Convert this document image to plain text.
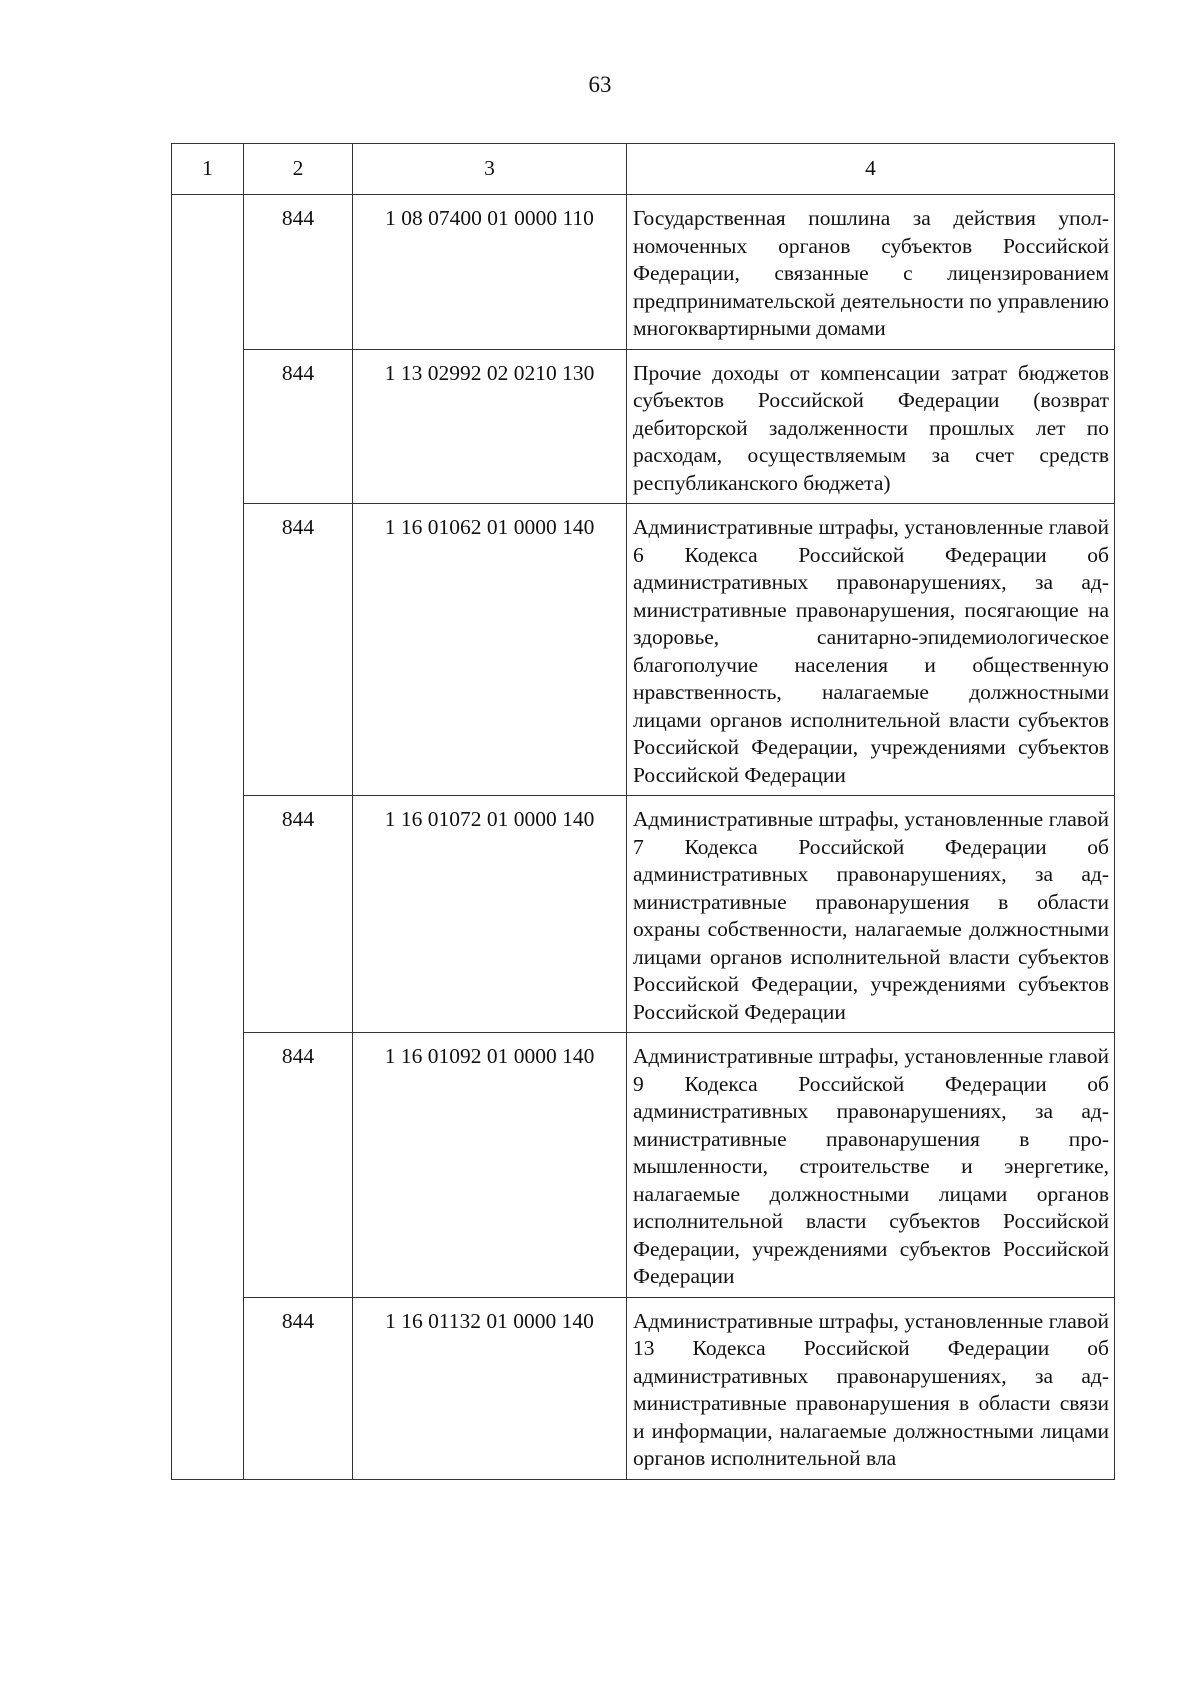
63
1	2	3	4
	844	1 08 07400 01 0000 110	Государственная пошлина за действия уполномоченных органов субъектов Российской Федерации, связанные с лицензированием предпринимательской деятельности по управлению многоквартирными домами
	844	1 13 02992 02 0210 130	Прочие доходы от компенсации затрат бюджетов субъектов Российской Федерации (возврат дебиторской задолженности прошлых лет по расходам, осуществляемым за счет средств республиканского бюджета)
	844	1 16 01062 01 0000 140	Административные штрафы, установленные главой 6 Кодекса Российской Федерации об административных правонарушениях, за административные правонарушения, посягающие на здоровье, санитарно-эпидемиологическое благополучие населения и общественную нравственность, налагаемые должностными лицами органов исполнительной власти субъектов Российской Федерации, учреждениями субъектов Российской Федерации
	844	1 16 01072 01 0000 140	Административные штрафы, установленные главой 7 Кодекса Российской Федерации об административных правонарушениях, за административные правонарушения в области охраны собственности, налагаемые должностными лицами органов исполнительной власти субъектов Российской Федерации, учреждениями субъектов Российской Федерации
	844	1 16 01092 01 0000 140	Административные штрафы, установленные главой 9 Кодекса Российской Федерации об административных правонарушениях, за административные правонарушения в промышленности, строительстве и энергетике, налагаемые должностными лицами органов исполнительной власти субъектов Российской Федерации, учреждениями субъектов Российской Федерации
	844	1 16 01132 01 0000 140	Административные штрафы, установленные главой 13 Кодекса Российской Федерации об административных правонарушениях, за административные правонарушения в области связи и информации, налагаемые должностными лицами органов исполнительной вла
